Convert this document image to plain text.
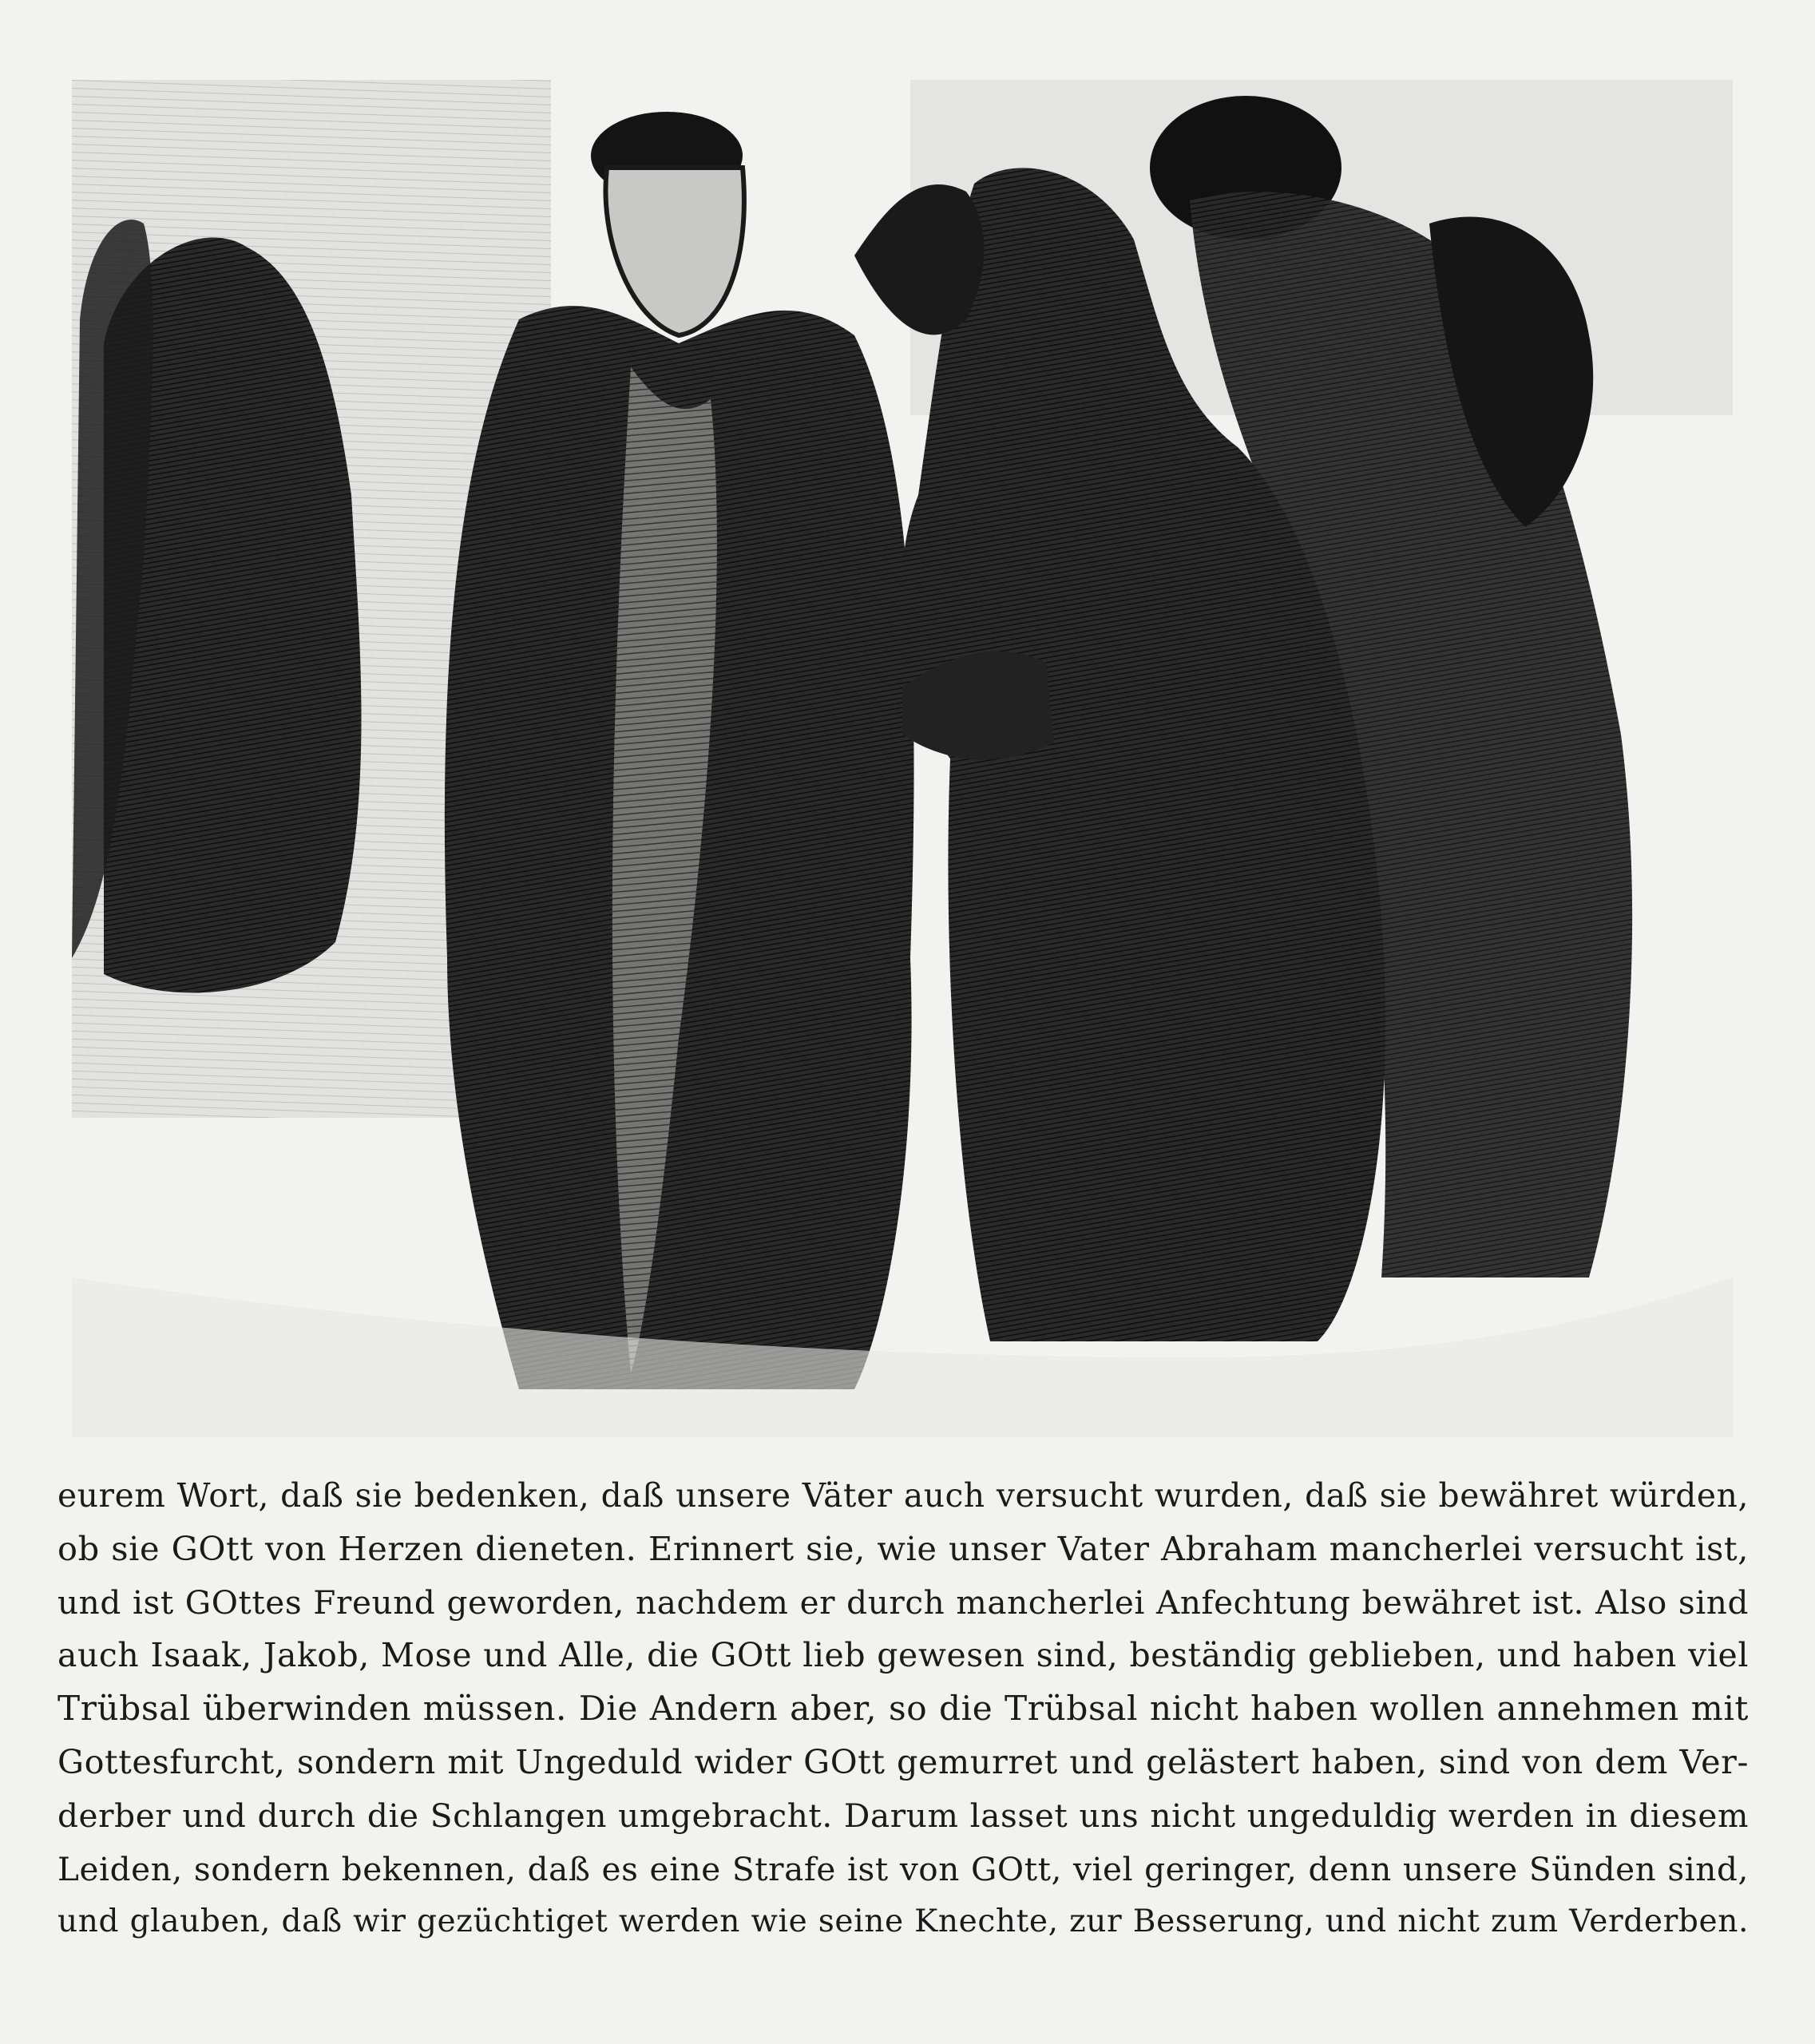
eurem Wort, daß sie bedenken, daß unsere Väter auch versucht wurden, daß sie bewähret würden,
ob sie GOtt von Herzen dieneten. Erinnert sie, wie unser Vater Abraham mancherlei versucht ist,
und ist GOttes Freund geworden, nachdem er durch mancherlei Anfechtung bewähret ist. Also sind
auch Isaak, Jakob, Mose und Alle, die GOtt lieb gewesen sind, beständig geblieben, und haben viel
Trübsal überwinden müssen. Die Andern aber, so die Trübsal nicht haben wollen annehmen mit
Gottesfurcht, sondern mit Ungeduld wider GOtt gemurret und gelästert haben, sind von dem Ver-
derber und durch die Schlangen umgebracht. Darum lasset uns nicht ungeduldig werden in diesem
Leiden, sondern bekennen, daß es eine Strafe ist von GOtt, viel geringer, denn unsere Sünden sind,
und glauben, daß wir gezüchtiget werden wie seine Knechte, zur Besserung, und nicht zum Verderben.
